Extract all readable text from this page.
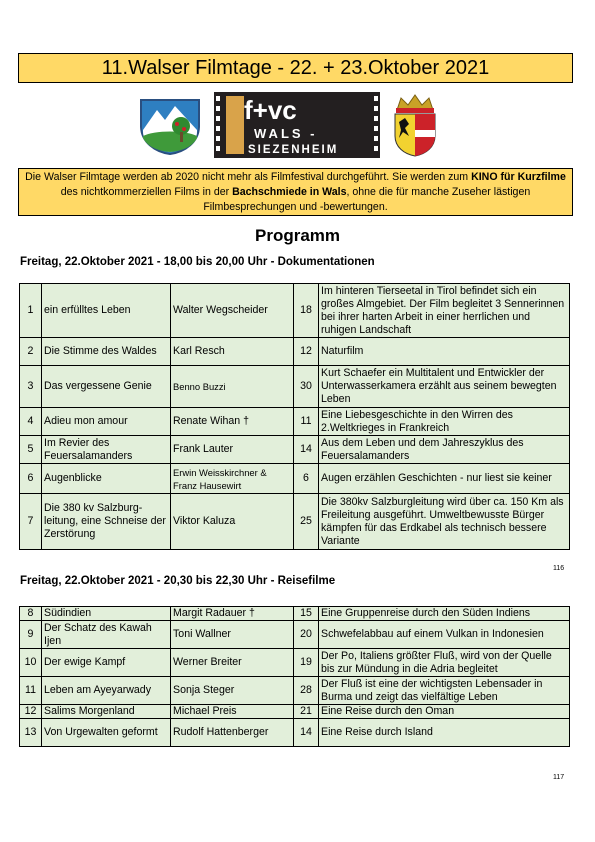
11.Walser Filmtage - 22. + 23.Oktober 2021
f+vc
WALS -
SIEZENHEIM
Die Walser Filmtage werden ab 2020 nicht mehr als Filmfestival durchgeführt. Sie werden zum KINO für Kurzfilme des nichtkommerziellen Films in der Bachschmiede in Wals, ohne die für manche Zuseher lästigen Filmbesprechungen und -bewertungen.
Programm
Freitag, 22.Oktober 2021 - 18,00 bis 20,00 Uhr - Dokumentationen
1	ein erfülltes Leben	Walter Wegscheider	18	Im hinteren Tierseetal in Tirol befindet sich ein großes Almgebiet. Der Film begleitet 3 Sennerinnen bei ihrer harten Arbeit in einer herrlichen und ruhigen Landschaft
2	Die Stimme des Waldes	Karl Resch	12	Naturfilm
3	Das vergessene Genie	Benno Buzzi	30	Kurt Schaefer ein Multitalent und Entwickler der Unterwasserkamera erzählt aus seinem bewegten Leben
4	Adieu mon amour	Renate Wihan †	11	Eine Liebesgeschichte in den Wirren des 2.Weltkrieges in Frankreich
5	Im Revier des Feuersalamanders	Frank Lauter	14	Aus dem Leben und dem Jahreszyklus des Feuersalamanders
6	Augenblicke	Erwin Weisskirchner & Franz Hausewirt	6	Augen erzählen Geschichten - nur liest sie keiner
7	Die 380 kv Salzburg-leitung, eine Schneise der Zerstörung	Viktor Kaluza	25	Die 380kv Salzburgleitung wird über ca. 150 Km als Freileitung ausgeführt. Umweltbewusste Bürger kämpfen für das Erdkabel als technisch bessere Variante
116
Freitag, 22.Oktober 2021 - 20,30 bis 22,30 Uhr - Reisefilme
8	Südindien	Margit Radauer †	15	Eine Gruppenreise durch den Süden Indiens
9	Der Schatz des Kawah Ijen	Toni Wallner	20	Schwefelabbau auf einem Vulkan in Indonesien
10	Der ewige Kampf	Werner Breiter	19	Der Po, Italiens größter Fluß, wird von der Quelle bis zur Mündung in die Adria begleitet
11	Leben am Ayeyarwady	Sonja Steger	28	Der Fluß ist eine der wichtigsten Lebensader in Burma und zeigt das vielfältige Leben
12	Salims Morgenland	Michael Preis	21	Eine Reise durch den Oman
13	Von Urgewalten geformt	Rudolf Hattenberger	14	Eine Reise durch Island
117
